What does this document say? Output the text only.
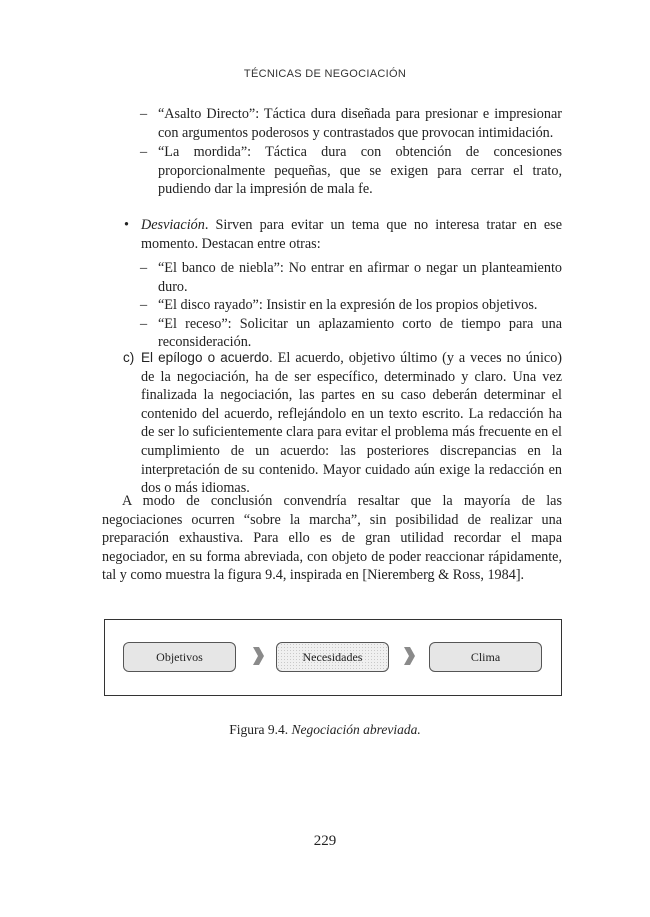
TÉCNICAS DE NEGOCIACIÓN
– “Asalto Directo”: Táctica dura diseñada para presionar e impresionar con argumentos poderosos y contrastados que provocan intimidación.
– “La mordida”: Táctica dura con obtención de concesiones proporcionalmente pequeñas, que se exigen para cerrar el trato, pudiendo dar la impresión de mala fe.
• Desviación. Sirven para evitar un tema que no interesa tratar en ese momento. Destacan entre otras:
– “El banco de niebla”: No entrar en afirmar o negar un planteamiento duro.
– “El disco rayado”: Insistir en la expresión de los propios objetivos.
– “El receso”: Solicitar un aplazamiento corto de tiempo para una reconsideración.
c) El epílogo o acuerdo. El acuerdo, objetivo último (y a veces no único) de la negociación, ha de ser específico, determinado y claro. Una vez finalizada la negociación, las partes en su caso deberán determinar el contenido del acuerdo, reflejándolo en un texto escrito. La redacción ha de ser lo suficientemente clara para evitar el problema más frecuente en el cumplimiento de un acuerdo: las posteriores discrepancias en la interpretación de su contenido. Mayor cuidado aún exige la redacción en dos o más idiomas.
A modo de conclusión convendría resaltar que la mayoría de las negociaciones ocurren “sobre la marcha”, sin posibilidad de realizar una preparación exhaustiva. Para ello es de gran utilidad recordar el mapa negociador, en su forma abreviada, con objeto de poder reaccionar rápidamente, tal y como muestra la figura 9.4, inspirada en [Nieremberg & Ross, 1984].
Objetivos	Necesidades	Clima
Figura 9.4. Negociación abreviada.
229
